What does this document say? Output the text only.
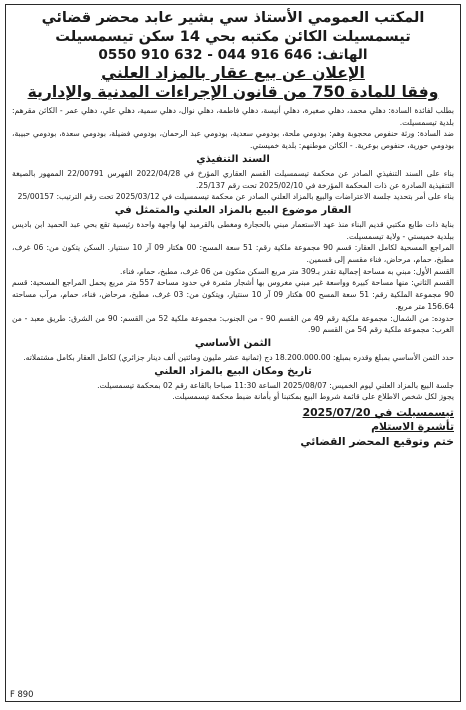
المكتب العمومي الأستاذ سي بشير عابد محضر قضائي
تيسمسيلت الكائن مكتبه بحي 14 سكن تيسمسيلت
الهاتف: 646 916 044 - 632 910 0550
الإعلان عن بيع عقار بالمزاد العلني
وفقا للمادة 750 من قانون الإجراءات المدنية والإدارية

بطلب لفائدة السادة: دهلي محمد، دهلي صغيرة، دهلي أنيسة، دهلي فاطمة، دهلي نوال، دهلي سمية، دهلي علي، دهلي عمر - الكائن مقرهم: بلدية تيسمسيلت.

ضد السادة: ورثة حنفوص محجوبة وهم: بودومي ملحة، بودومي سعدية، بودومي عبد الرحمان، بودومي فضيلة، بودومي سعدة، بودومي حبيبة، بودومي حورية، حنفوص بوعرية. - الكائن موطنهم: بلدية خميستي.

السند التنفيذي

بناء على السند التنفيذي الصادر عن محكمة تيسمسيلت القسم العقاري المؤرخ في 2022/04/28 الفهرس 22/00791 الممهور بالصيغة التنفيذية الصادرة عن ذات المحكمة المؤرخة في 2025/02/10 تحت رقم 25/137.

بناء على أمر بتحديد جلسة الاعتراضات والبيع بالمزاد العلني الصادر عن محكمة تيسمسيلت في 2025/03/12 تحت رقم الترتيب: 25/00157

العقار موضوع البيع بالمزاد العلني والمتمثل في

بناية ذات طابع مكتبي قديم البناء منذ عهد الاستعمار مبني بالحجارة ومغطى بالقرميد لها واجهة واحدة رئيسية تقع بحي عبد الحميد ابن باديس ببلدية خميستي - ولاية تيسمسيلت.

المراجع المسحية لكامل العقار: قسم 90 مجموعة ملكية رقم: 51 سعة المسح: 00 هكتار 09 آر 10 سنتيار. السكن يتكون من: 06 غرف، مطبخ، حمام، مرحاض، فناء مقسم إلى قسمين.

القسم الأول: مبني به مساحة إجمالية تقدر بـ309 متر مربع السكن متكون من 06 غرف، مطبخ، حمام، فناء.

القسم الثاني: منها مساحة كبيرة وواسعة غير مبني مغروس بها أشجار مثمرة في حدود مساحة 557 متر مربع يحمل المراجع المسحية: قسم 90 مجموعة الملكية رقم: 51 سعة المسح 00 هكتار 09 آر 10 سنتيار، ويتكون من: 03 غرف، مطبخ، مرحاض، فناء، حمام، مرآب مساحته 156.64 متر مربع.

حدوده: من الشمال: مجموعة ملكية رقم 49 من القسم 90 - من الجنوب: مجموعة ملكية 52 من القسم: 90 من الشرق: طريق معبد - من الغرب: مجموعة ملكية رقم 54 من القسم 90.

الثمن الأساسي

حدد الثمن الأساسي بمبلغ وقدره بمبلغ: 18.200.000.00 دج (ثمانية عشر مليون ومائتين ألف دينار جزائري) لكامل العقار بكامل مشتملاته.

تاريخ ومكان البيع بالمزاد العلني

جلسة البيع بالمزاد العلني ليوم الخميس: 2025/08/07 الساعة 11:30 صباحا بالقاعة رقم 02 بمحكمة تيسمسيلت.

يجوز لكل شخص الاطلاع على قائمة شروط البيع بمكتبنا أو بأمانة ضبط محكمة تيسمسيلت.

تيسمسيلت في 2025/07/20
تأشيرة الاستلام
ختم وتوقيع المحضر القضائي
F 890
